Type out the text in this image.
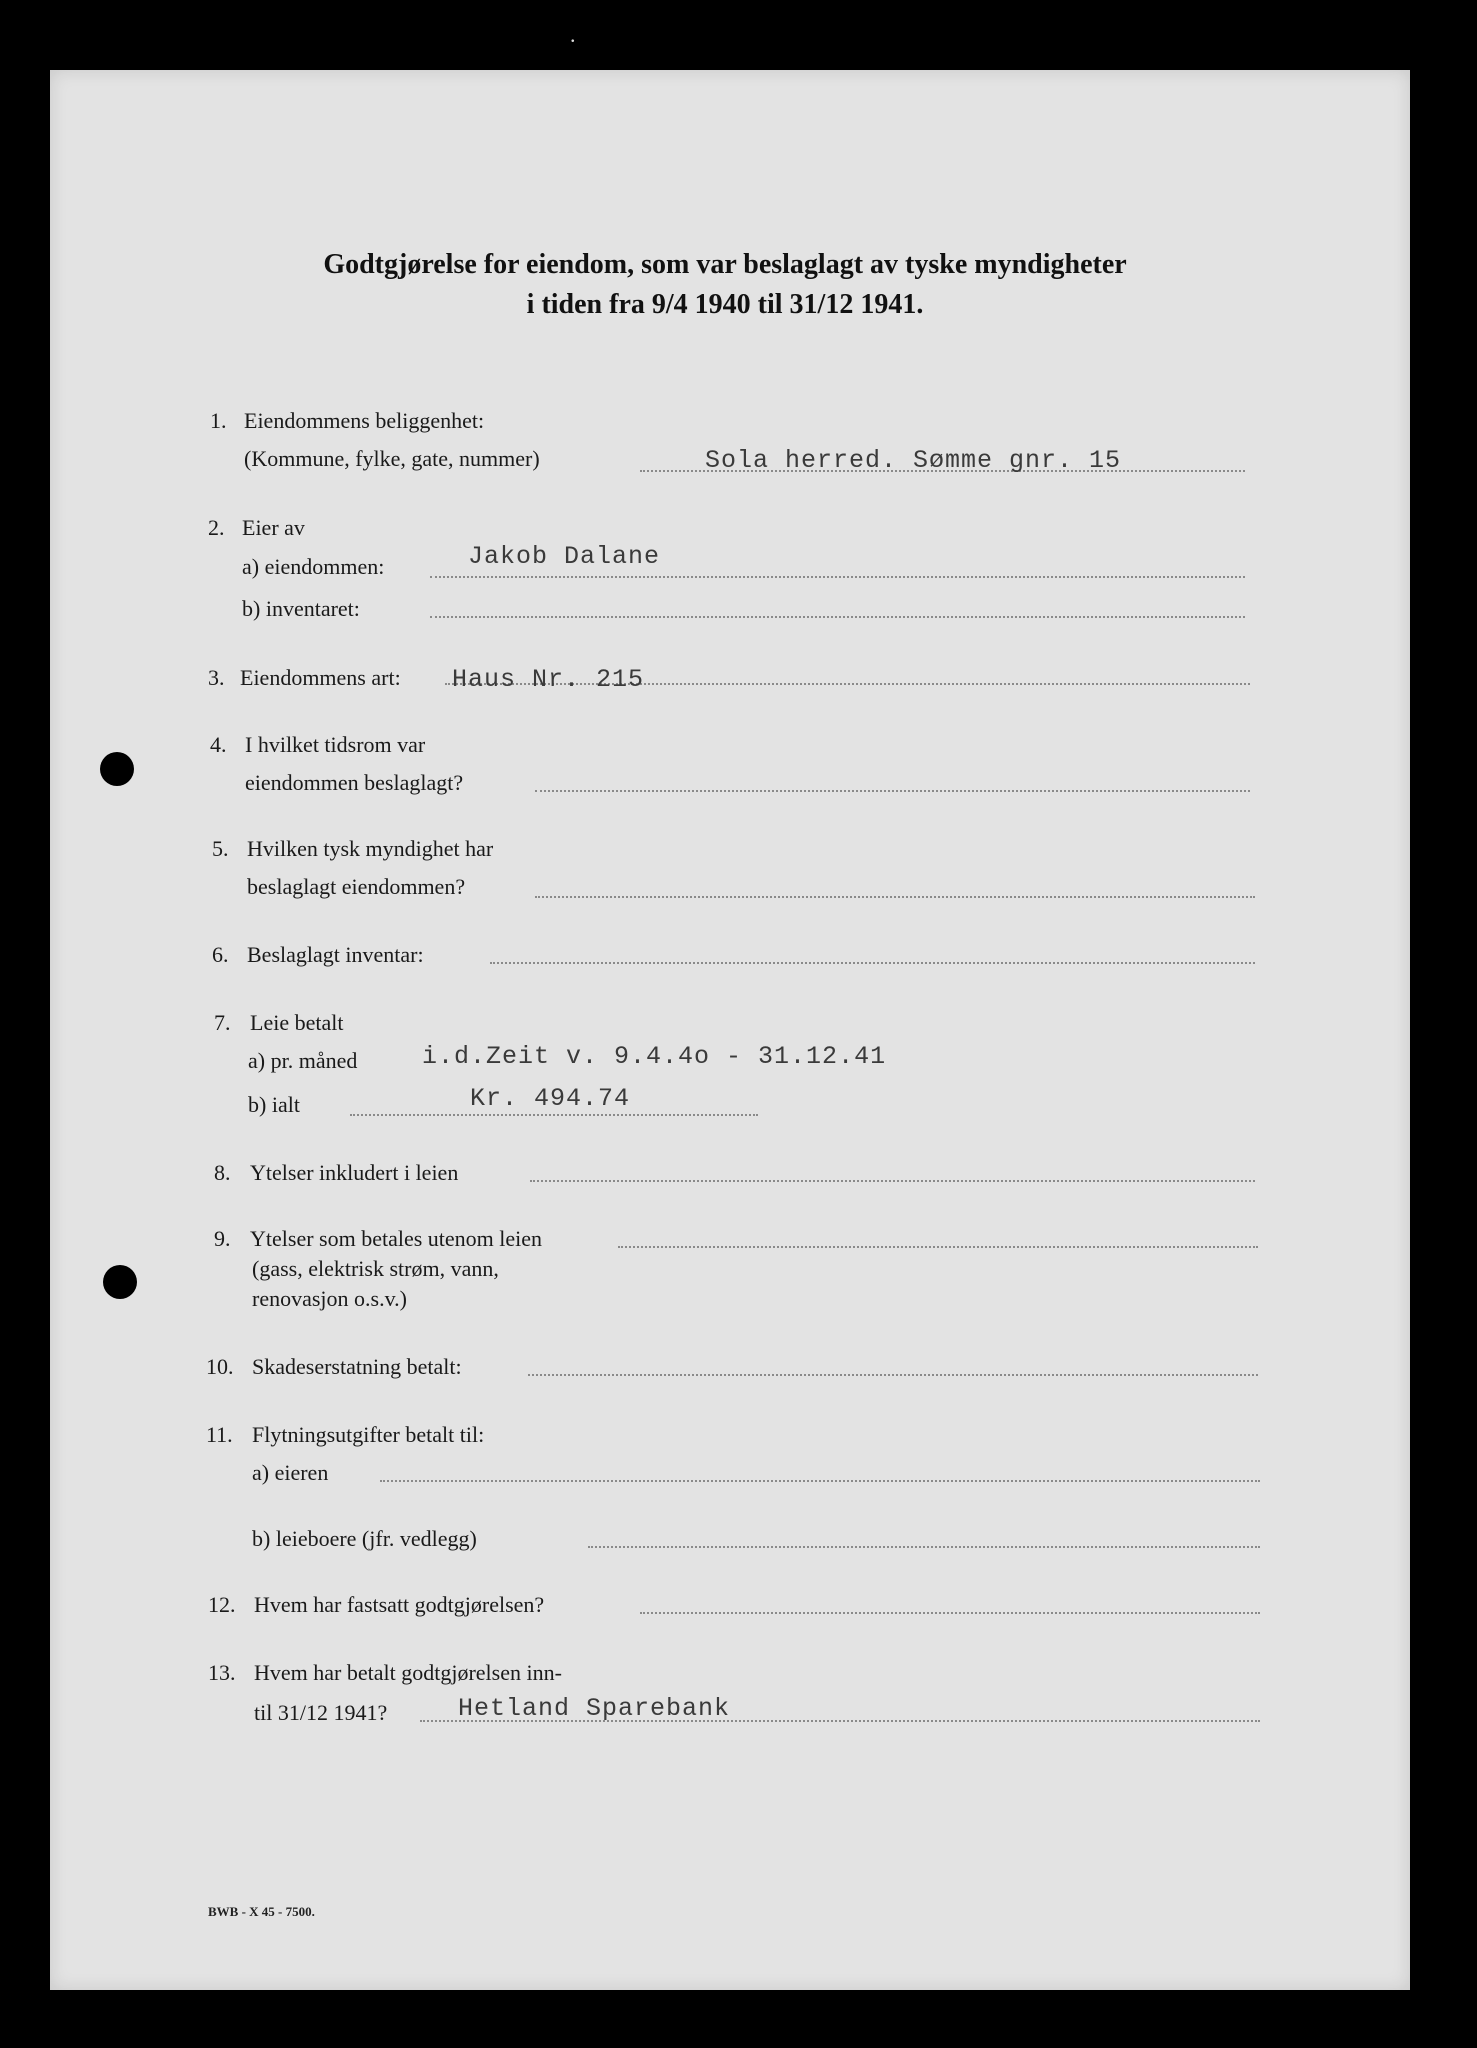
.
Godtgjørelse for eiendom, som var beslaglagt av tyske myndigheter
i tiden fra 9/4 1940 til 31/12 1941.
1. Eiendommens beliggenhet:
(Kommune, fylke, gate, nummer)	Sola herred. Sømme gnr. 15
2. Eier av
a) eiendommen:	Jakob Dalane
b) inventaret:
3. Eiendommens art: Haus Nr. 215
4. I hvilket tidsrom var
eiendommen beslaglagt?
5. Hvilken tysk myndighet har
beslaglagt eiendommen?
6. Beslaglagt inventar:
7. Leie betalt
a) pr. måned	i.d.Zeit v. 9.4.4o - 31.12.41
b) ialt	Kr. 494.74
8. Ytelser inkludert i leien
9. Ytelser som betales utenom leien
(gass, elektrisk strøm, vann,
renovasjon o.s.v.)
10. Skadeserstatning betalt:
11. Flytningsutgifter betalt til:
a) eieren
b) leieboere (jfr. vedlegg)
12. Hvem har fastsatt godtgjørelsen?
13. Hvem har betalt godtgjørelsen inn-
til 31/12 1941?	Hetland Sparebank
BWB - X 45 - 7500.
